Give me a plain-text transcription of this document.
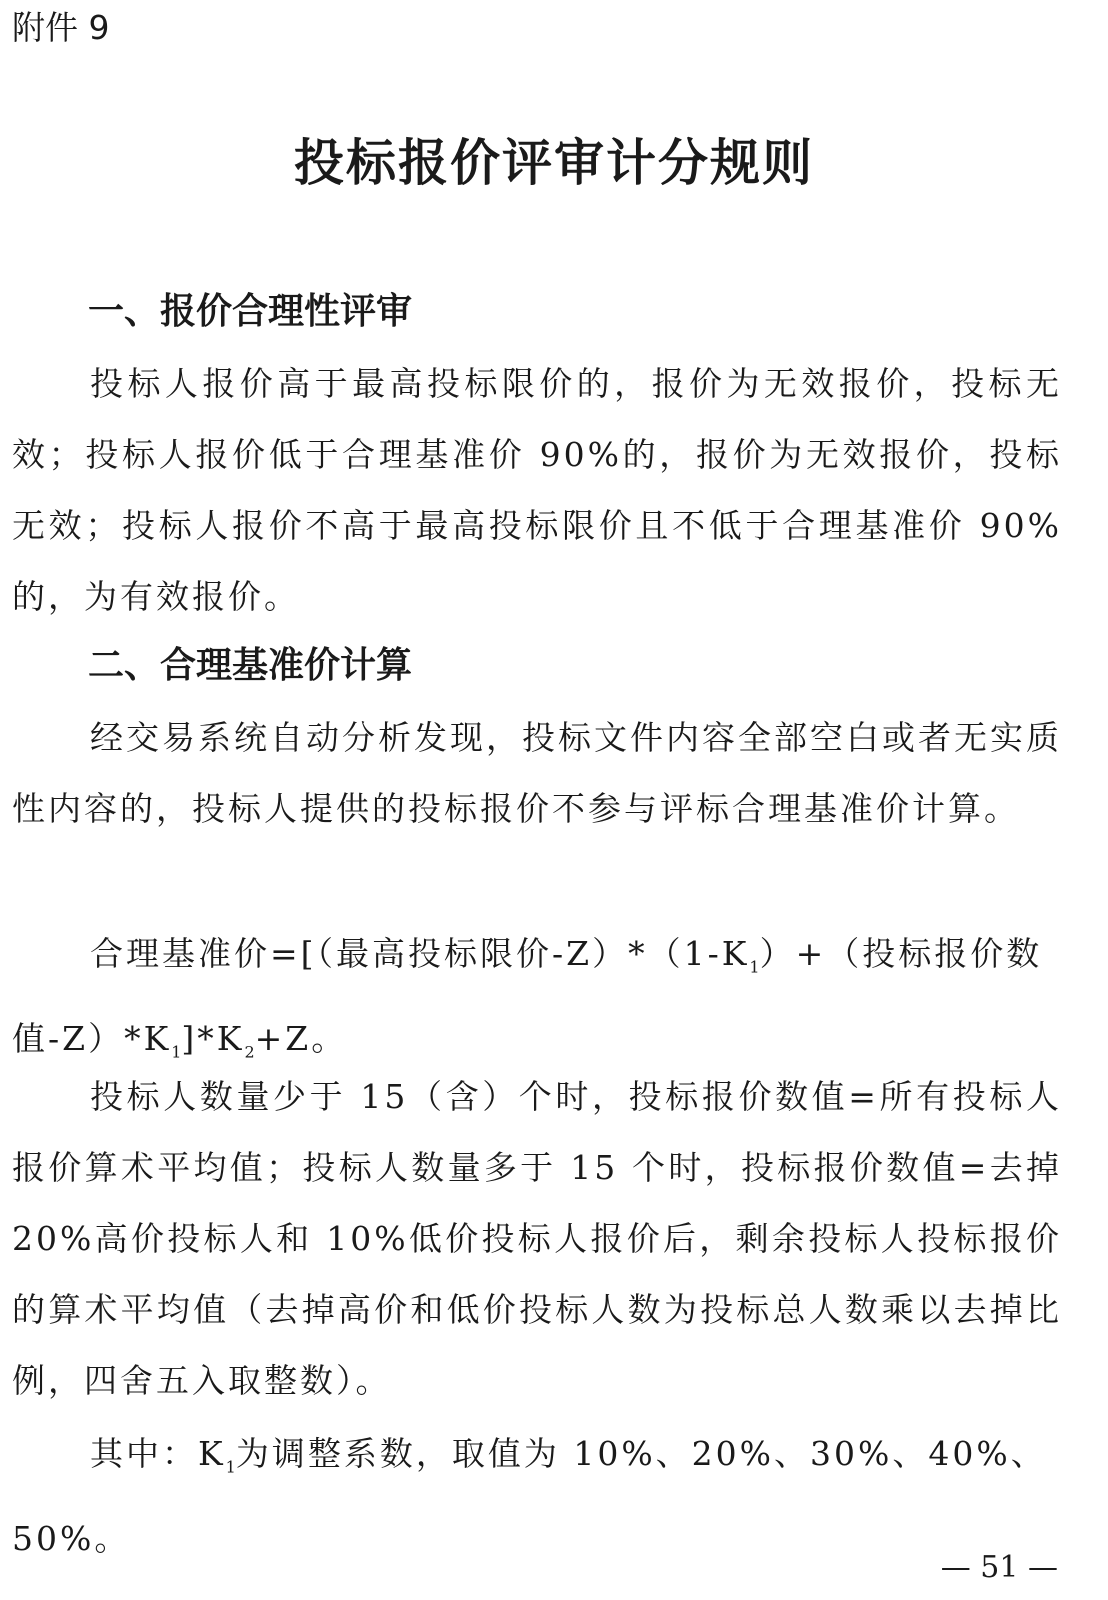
附件 9
投标报价评审计分规则
一、报价合理性评审

投标人报价高于最高投标限价的，报价为无效报价，投标无效；投标人报价低于合理基准价 90%的，报价为无效报价，投标无效；投标人报价不高于最高投标限价且不低于合理基准价 90%的，为有效报价。

二、合理基准价计算

经交易系统自动分析发现，投标文件内容全部空白或者无实质性内容的，投标人提供的投标报价不参与评标合理基准价计算。

合理基准价=[（最高投标限价$-Z)*(1-K_1)+$（投标报价数值$-Z)*K_1]*K_2+Z$。

投标人数量少于 15（含）个时，投标报价数值=所有投标人报价算术平均值；投标人数量多于 15 个时，投标报价数值=去掉 20%高价投标人和 10%低价投标人报价后，剩余投标人投标报价的算术平均值（去掉高价和低价投标人数为投标总人数乘以去掉比例，四舍五入取整数）。

其中：$K_1$为调整系数，取值为 10%、20%、30%、40%、50%。

— 51 —
